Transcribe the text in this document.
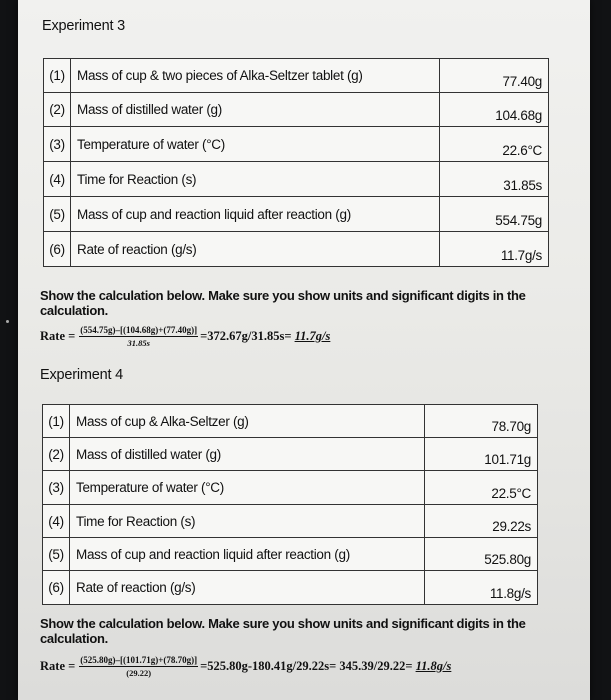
Experiment 3
(1)	Mass of cup & two pieces of Alka-Seltzer tablet (g)	77.40g
(2)	Mass of distilled water (g)	104.68g
(3)	Temperature of water (°C)	22.6°C
(4)	Time for Reaction (s)	31.85s
(5)	Mass of cup and reaction liquid after reaction (g)	554.75g
(6)	Rate of reaction (g/s)	11.7g/s
Show the calculation below. Make sure you show units and significant digits in the calculation.
Rate = $\frac{(554.75g)-[(104.68g)+(77.40g)]}{31.85s} =372.67g/31.85s= 11.7g/s$
Experiment 4
(1)	Mass of cup & Alka-Seltzer (g)	78.70g
(2)	Mass of distilled water (g)	101.71g
(3)	Temperature of water (°C)	22.5°C
(4)	Time for Reaction (s)	29.22s
(5)	Mass of cup and reaction liquid after reaction (g)	525.80g
(6)	Rate of reaction (g/s)	11.8g/s
Show the calculation below. Make sure you show units and significant digits in the calculation.
Rate = $\frac{(525.80g)-[(101.71g)+(78.70g)]}{(29.22)} =525.80g-180.41g/29.22s= 345.39/29.22= 11.8g/s$
